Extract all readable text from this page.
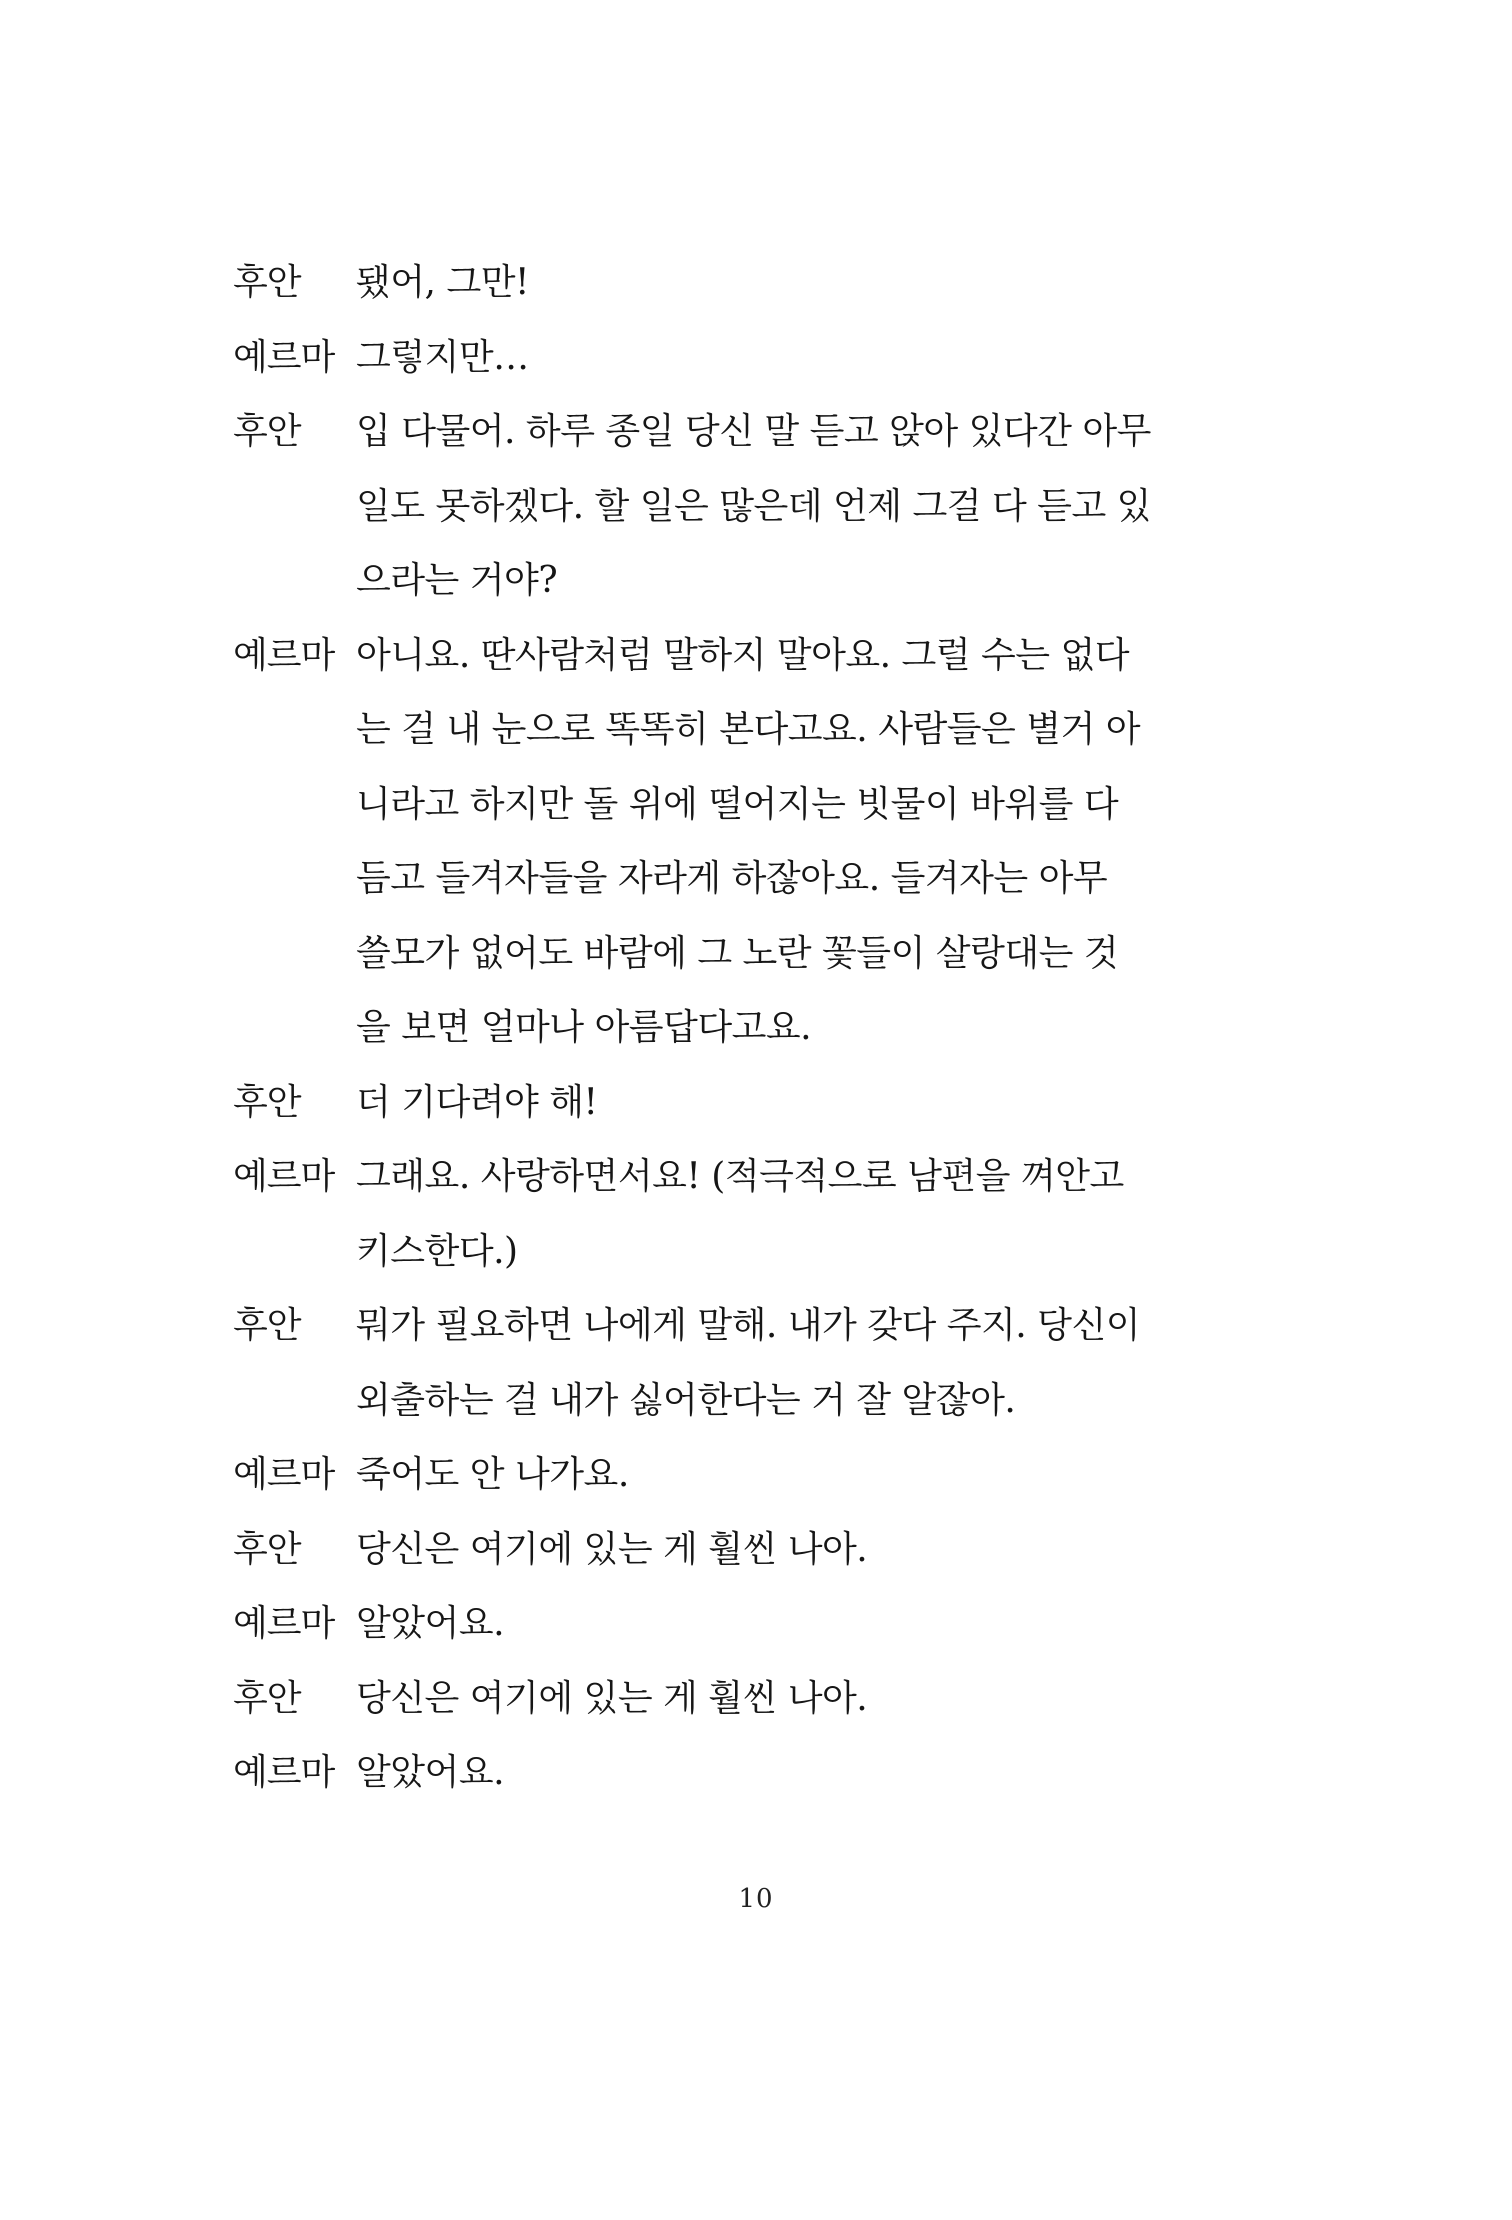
후안	됐어, 그만!
예르마 그렇지만…
후안	입 다물어. 하루 종일 당신 말 듣고 앉아 있다간 아무
일도 못하겠다. 할 일은 많은데 언제 그걸 다 듣고 있
으라는 거야?
예르마 아니요. 딴사람처럼 말하지 말아요. 그럴 수는 없다
는 걸 내 눈으로 똑똑히 본다고요. 사람들은 별거 아
니라고 하지만 돌 위에 떨어지는 빗물이 바위를 다
듬고 들겨자들을 자라게 하잖아요. 들겨자는 아무
쓸모가 없어도 바람에 그 노란 꽃들이 살랑대는 것
을 보면 얼마나 아름답다고요.
후안	더 기다려야 해!
예르마 그래요. 사랑하면서요! (적극적으로 남편을 껴안고
키스한다.)
후안	뭐가 필요하면 나에게 말해. 내가 갖다 주지. 당신이
외출하는 걸 내가 싫어한다는 거 잘 알잖아.
예르마 죽어도 안 나가요.
후안	당신은 여기에 있는 게 훨씬 나아.
예르마 알았어요.
후안	당신은 여기에 있는 게 훨씬 나아.
예르마 알았어요.
10
